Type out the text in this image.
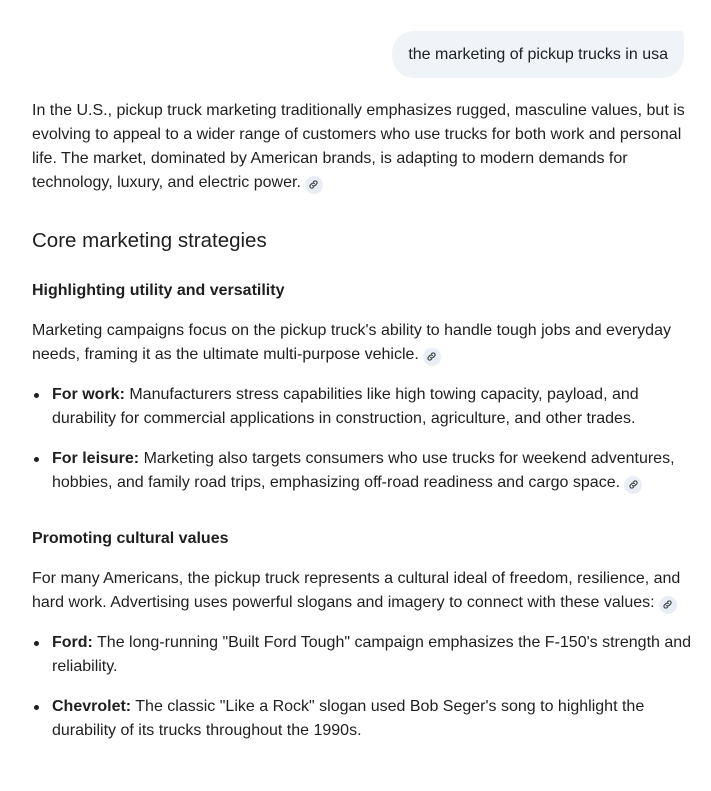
the marketing of pickup trucks in usa

In the U.S., pickup truck marketing traditionally emphasizes rugged, masculine values, but is evolving to appeal to a wider range of customers who use trucks for both work and personal life. The market, dominated by American brands, is adapting to modern demands for technology, luxury, and electric power.

Core marketing strategies
Highlighting utility and versatility

Marketing campaigns focus on the pickup truck's ability to handle tough jobs and everyday needs, framing it as the ultimate multi-purpose vehicle.

For work: Manufacturers stress capabilities like high towing capacity, payload, and durability for commercial applications in construction, agriculture, and other trades.
For leisure: Marketing also targets consumers who use trucks for weekend adventures, hobbies, and family road trips, emphasizing off-road readiness and cargo space.
Promoting cultural values

For many Americans, the pickup truck represents a cultural ideal of freedom, resilience, and hard work. Advertising uses powerful slogans and imagery to connect with these values:

Ford: The long-running "Built Ford Tough" campaign emphasizes the F-150's strength and reliability.
Chevrolet: The classic "Like a Rock" slogan used Bob Seger's song to highlight the durability of its trucks throughout the 1990s.
